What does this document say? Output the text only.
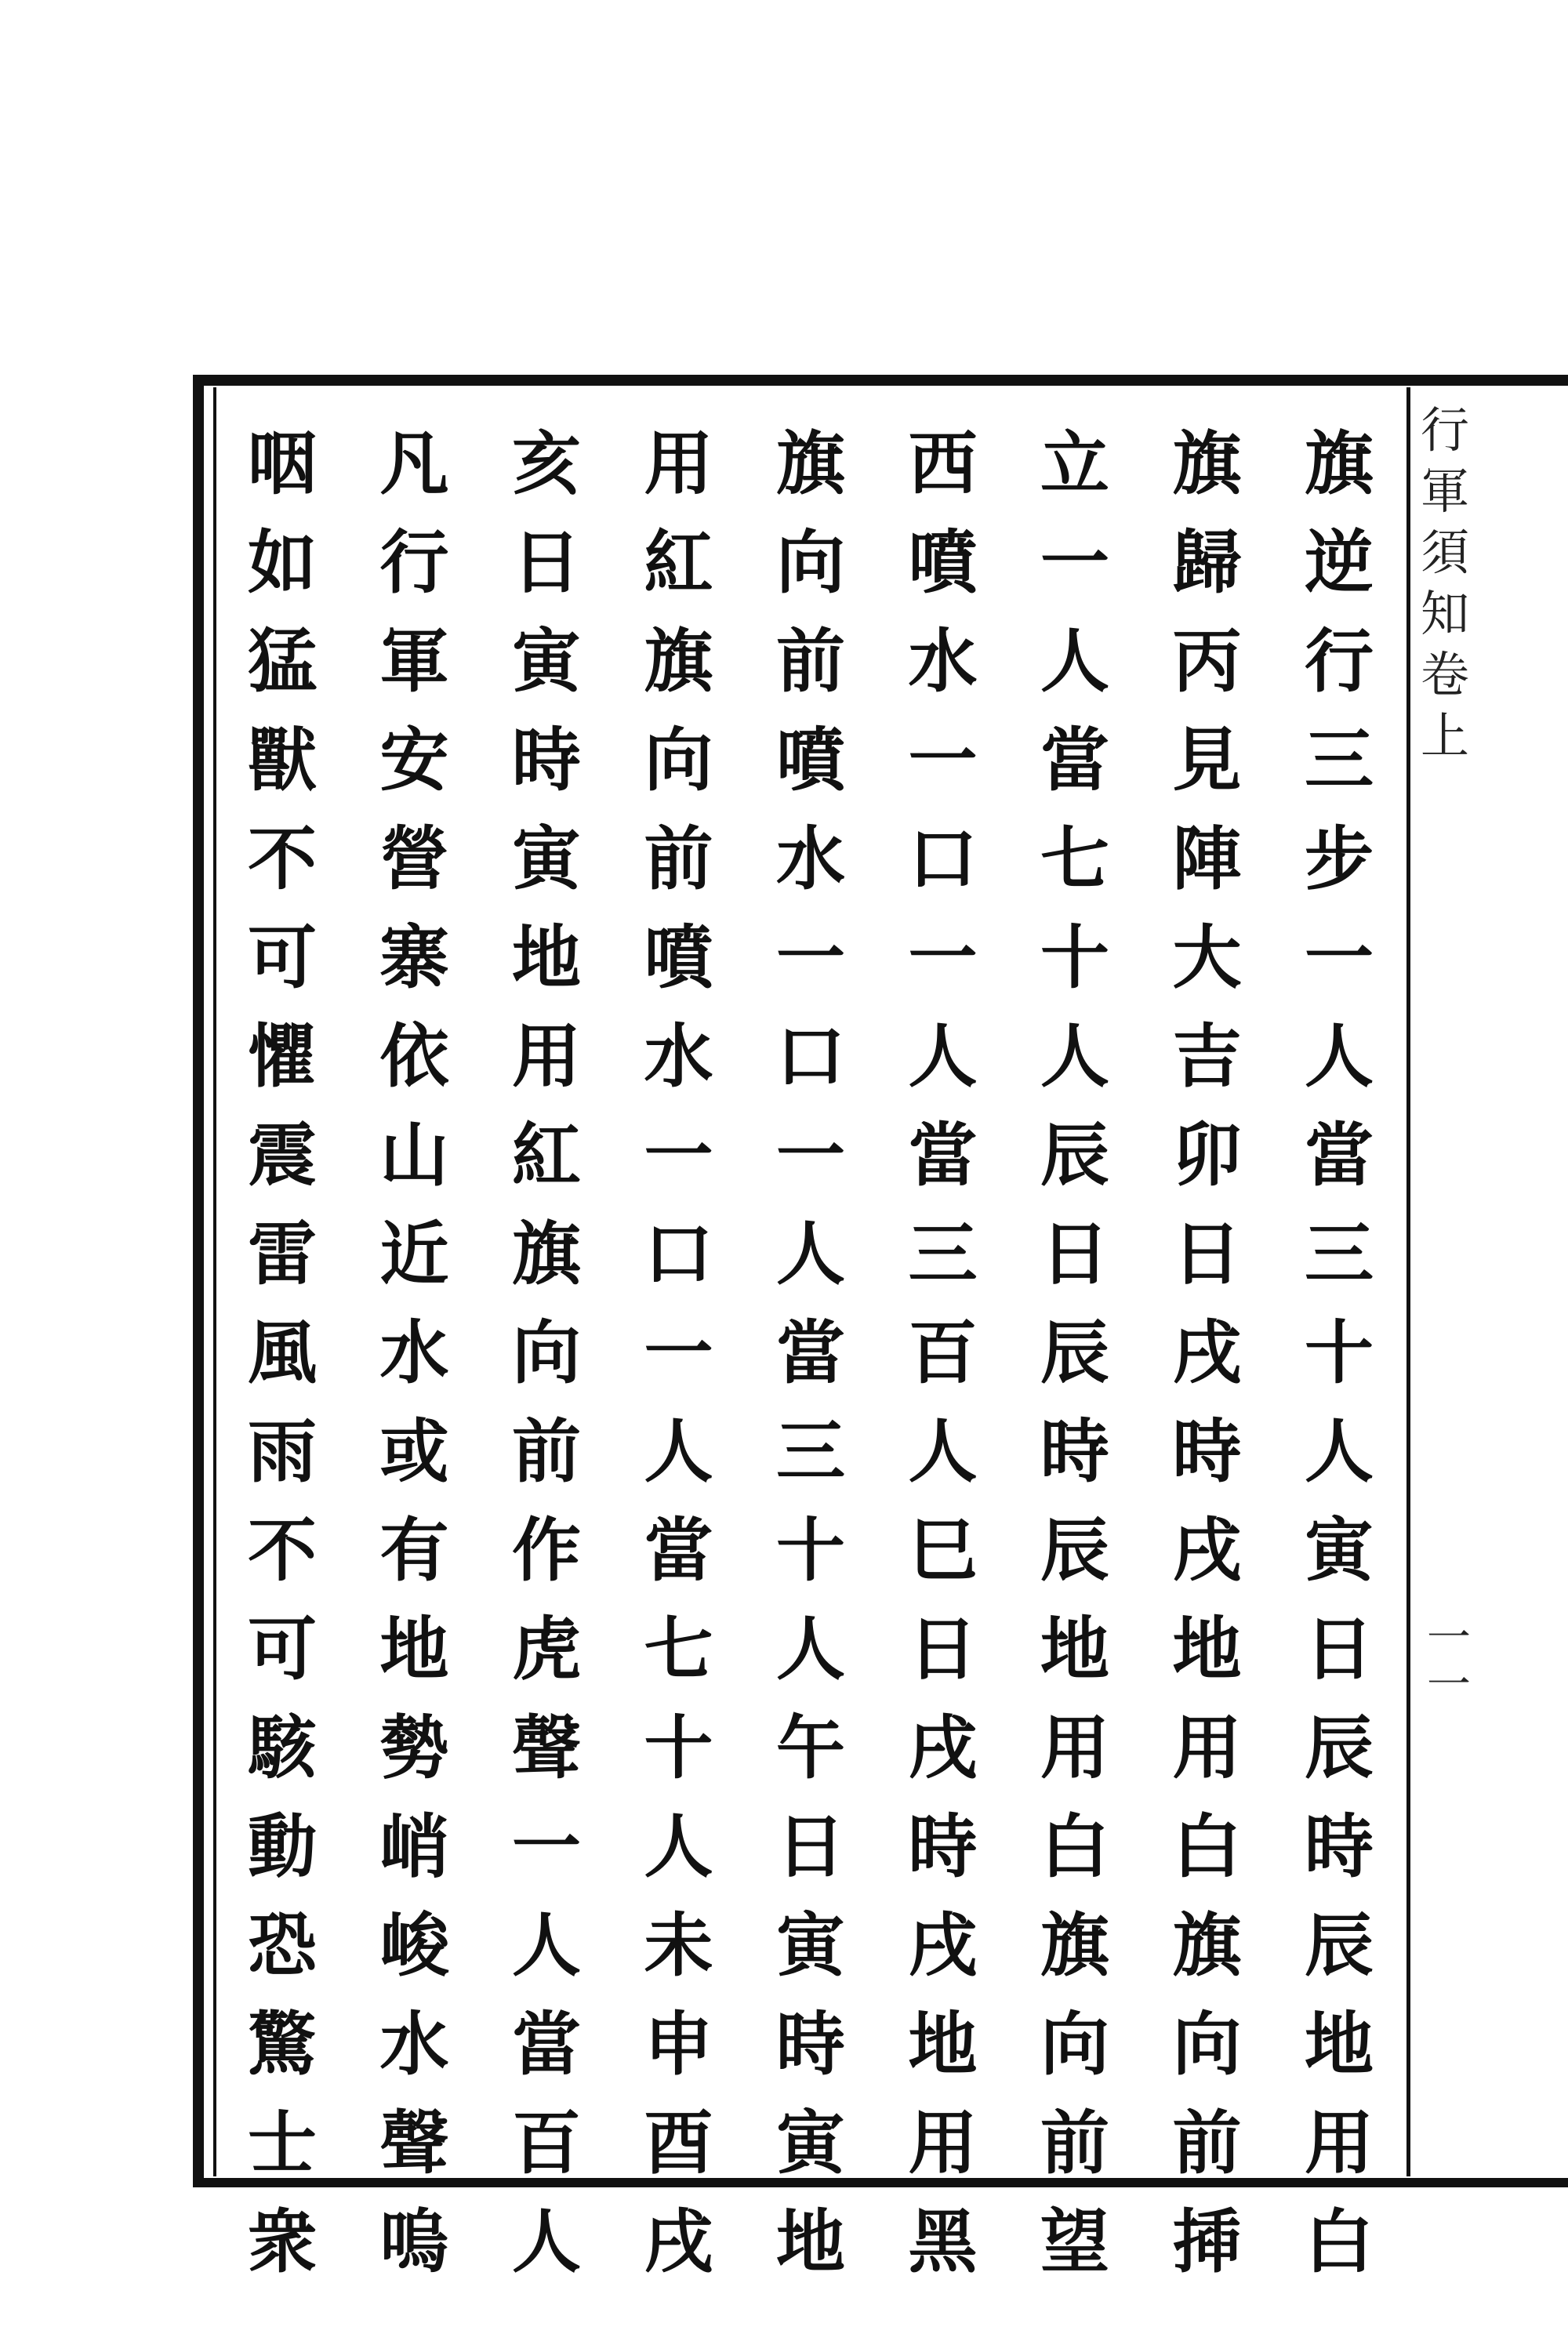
行
軍
須
知
卷
上
一
一
旗逆行三步一人當三十人寅日辰時辰地用白
旗歸丙見陣大吉卯日戌時戌地用白旗向前揷
立一人當七十人辰日辰時辰地用白旗向前望
西噴水一口一人當三百人巳日戌時戌地用黑
旗向前噴水一口一人當三十人午日寅時寅地
用紅旗向前噴水一口一人當七十人未申酉戌
亥日寅時寅地用紅旗向前作虎聲一人當百人
凡行軍安營寨依山近水或有地勢峭峻水聲嗚
咽如猛獸不可懼震雷風雨不可駭動恐驚士衆
